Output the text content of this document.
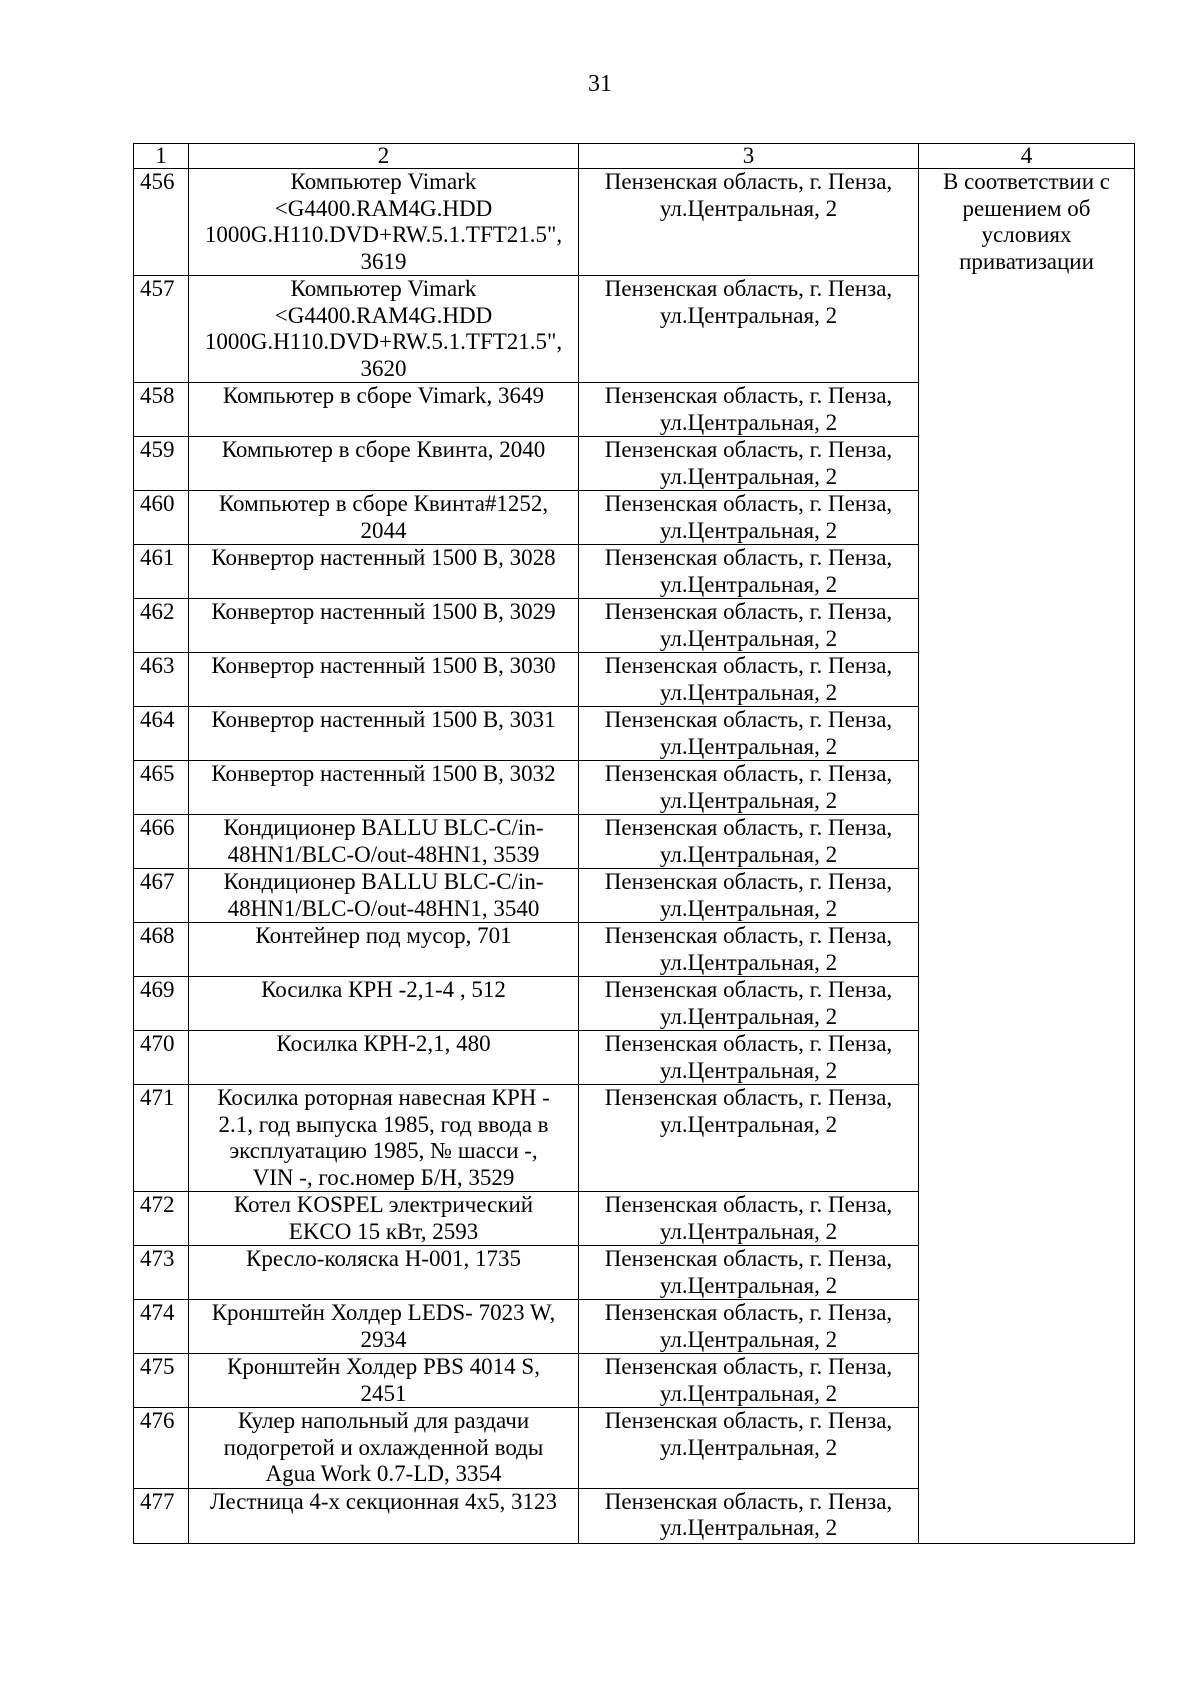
31
1	2	3	4
456	Компьютер Vimark
<G4400.RAM4G.HDD
1000G.H110.DVD+RW.5.1.TFT21.5",
3619	Пензенская область, г. Пенза,
ул.Центральная, 2	В соответствии с
решением об
условиях
приватизации
457	Компьютер Vimark
<G4400.RAM4G.HDD
1000G.H110.DVD+RW.5.1.TFT21.5",
3620	Пензенская область, г. Пенза,
ул.Центральная, 2	
458	Компьютер в сборе Vimark, 3649	Пензенская область, г. Пенза,
ул.Центральная, 2	
459	Компьютер в сборе Квинта, 2040	Пензенская область, г. Пенза,
ул.Центральная, 2	
460	Компьютер в сборе Квинта#1252,
2044	Пензенская область, г. Пенза,
ул.Центральная, 2	
461	Конвертор настенный 1500 В, 3028	Пензенская область, г. Пенза,
ул.Центральная, 2	
462	Конвертор настенный 1500 В, 3029	Пензенская область, г. Пенза,
ул.Центральная, 2	
463	Конвертор настенный 1500 В, 3030	Пензенская область, г. Пенза,
ул.Центральная, 2	
464	Конвертор настенный 1500 В, 3031	Пензенская область, г. Пенза,
ул.Центральная, 2	
465	Конвертор настенный 1500 В, 3032	Пензенская область, г. Пенза,
ул.Центральная, 2	
466	Кондиционер BALLU BLC-C/in-
48HN1/BLC-O/out-48HN1, 3539	Пензенская область, г. Пенза,
ул.Центральная, 2	
467	Кондиционер BALLU BLC-C/in-
48HN1/BLC-O/out-48HN1, 3540	Пензенская область, г. Пенза,
ул.Центральная, 2	
468	Контейнер под мусор, 701	Пензенская область, г. Пенза,
ул.Центральная, 2	
469	Косилка КРН -2,1-4 , 512	Пензенская область, г. Пенза,
ул.Центральная, 2	
470	Косилка КРН-2,1, 480	Пензенская область, г. Пенза,
ул.Центральная, 2	
471	Косилка роторная навесная КРН -
2.1, год выпуска 1985, год ввода в
эксплуатацию 1985, № шасси -,
VIN -, гос.номер Б/Н, 3529	Пензенская область, г. Пенза,
ул.Центральная, 2	
472	Котел KOSPEL электрический
EKCO 15 кВт, 2593	Пензенская область, г. Пенза,
ул.Центральная, 2	
473	Кресло-коляска Н-001, 1735	Пензенская область, г. Пенза,
ул.Центральная, 2	
474	Кронштейн Холдер LEDS- 7023 W,
2934	Пензенская область, г. Пенза,
ул.Центральная, 2	
475	Кронштейн Холдер PBS 4014 S,
2451	Пензенская область, г. Пенза,
ул.Центральная, 2	
476	Кулер напольный для раздачи
подогретой и охлажденной воды
Agua Work 0.7-LD, 3354	Пензенская область, г. Пенза,
ул.Центральная, 2	
477	Лестница 4-х секционная 4х5, 3123	Пензенская область, г. Пенза,
ул.Центральная, 2	
